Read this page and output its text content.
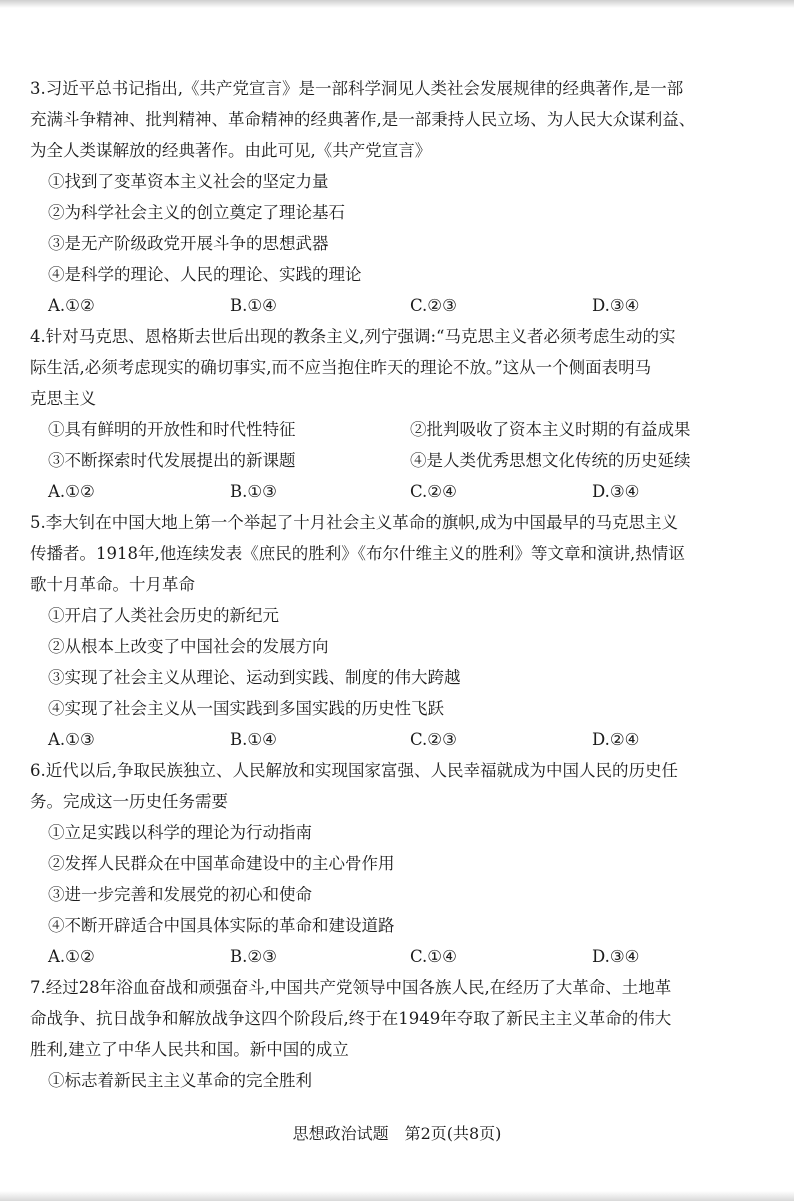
3.习近平总书记指出,《共产党宣言》是一部科学洞见人类社会发展规律的经典著作,是一部
充满斗争精神、批判精神、革命精神的经典著作,是一部秉持人民立场、为人民大众谋利益、
为全人类谋解放的经典著作。由此可见,《共产党宣言》
①找到了变革资本主义社会的坚定力量
②为科学社会主义的创立奠定了理论基石
③是无产阶级政党开展斗争的思想武器
④是科学的理论、人民的理论、实践的理论
A.①②	B.①④	C.②③	D.③④
4.针对马克思、恩格斯去世后出现的教条主义,列宁强调:“马克思主义者必须考虑生动的实
际生活,必须考虑现实的确切事实,而不应当抱住昨天的理论不放。”这从一个侧面表明马
克思主义
①具有鲜明的开放性和时代性特征	②批判吸收了资本主义时期的有益成果
③不断探索时代发展提出的新课题	④是人类优秀思想文化传统的历史延续
A.①②	B.①③	C.②④	D.③④
5.李大钊在中国大地上第一个举起了十月社会主义革命的旗帜,成为中国最早的马克思主义
传播者。1918年,他连续发表《庶民的胜利》《布尔什维主义的胜利》等文章和演讲,热情讴
歌十月革命。十月革命
①开启了人类社会历史的新纪元
②从根本上改变了中国社会的发展方向
③实现了社会主义从理论、运动到实践、制度的伟大跨越
④实现了社会主义从一国实践到多国实践的历史性飞跃
A.①③	B.①④	C.②③	D.②④
6.近代以后,争取民族独立、人民解放和实现国家富强、人民幸福就成为中国人民的历史任
务。完成这一历史任务需要
①立足实践以科学的理论为行动指南
②发挥人民群众在中国革命建设中的主心骨作用
③进一步完善和发展党的初心和使命
④不断开辟适合中国具体实际的革命和建设道路
A.①②	B.②③	C.①④	D.③④
7.经过28年浴血奋战和顽强奋斗,中国共产党领导中国各族人民,在经历了大革命、土地革
命战争、抗日战争和解放战争这四个阶段后,终于在1949年夺取了新民主主义革命的伟大
胜利,建立了中华人民共和国。新中国的成立
①标志着新民主主义革命的完全胜利
思想政治试题　第2页(共8页)
